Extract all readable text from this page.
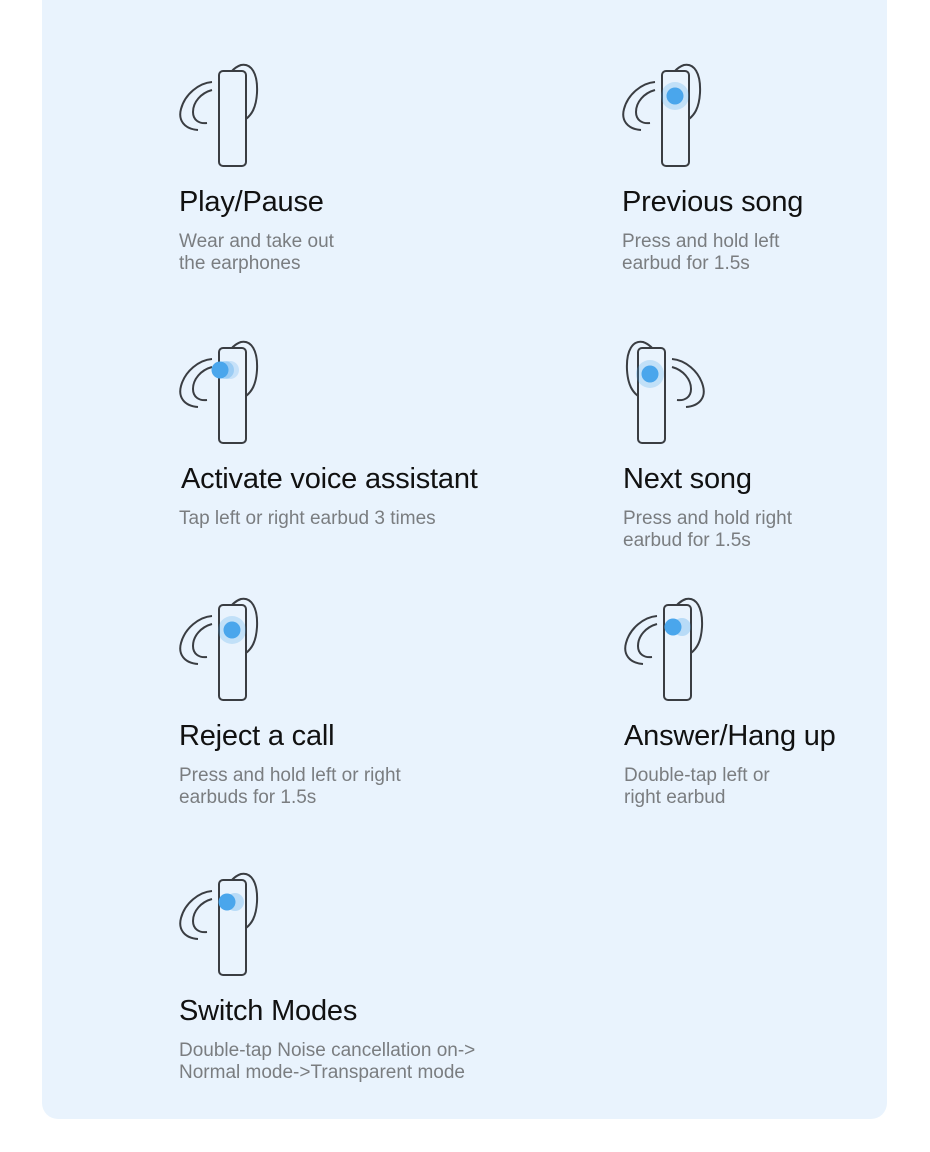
Play/Pause

Wear and take out
the earphones

Previous song

Press and hold left
earbud for 1.5s

Activate voice assistant

Tap left or right earbud 3 times

Next song

Press and hold right
earbud for 1.5s

Reject a call

Press and hold left or right
earbuds for 1.5s

Answer/Hang up

Double-tap left or
right earbud

Switch Modes

Double-tap Noise cancellation on->
Normal mode->Transparent mode
